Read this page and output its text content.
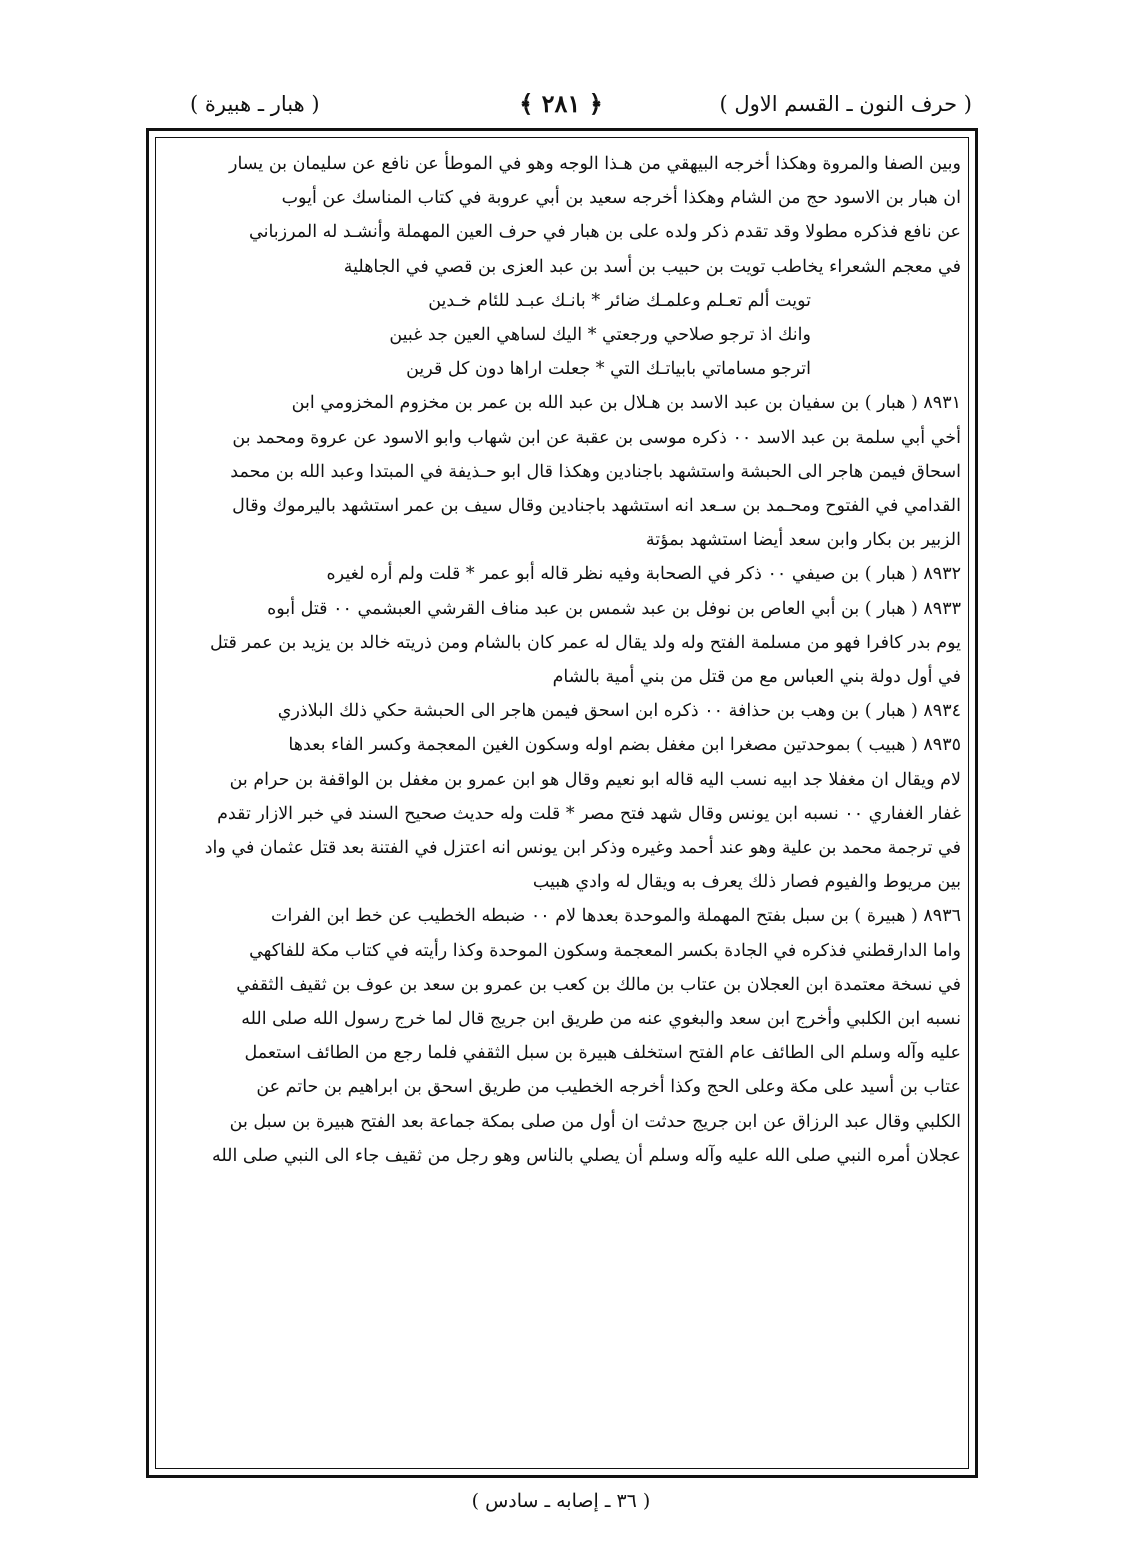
( حرف النون ـ القسم الاول )
﴿ ٢٨١ ﴾
( هبار ـ هبيرة )
وبين الصفا والمروة وهكذا أخرجه البيهقي من هـذا الوجه وهو في الموطأ عن نافع عن سليمان بن يسار
ان هبار بن الاسود حج من الشام وهكذا أخرجه سعيد بن أبي عروبة في كتاب المناسك عن أيوب
عن نافع فذكره مطولا وقد تقدم ذكر ولده على بن هبار في حرف العين المهملة وأنشـد له المرزباني
في معجم الشعراء يخاطب تويت بن حبيب بن أسد بن عبد العزى بن قصي في الجاهلية
تويت ألم تعـلم وعلمـك ضائر * بانـك عبـد للئام خـدين
وانك اذ ترجو صلاحي ورجعتي * اليك لساهي العين جد غبين
اترجو مساماتي بابياتـك التي * جعلت اراها دون كل قرين
٨٩٣١ ( هبار ) بن سفيان بن عبد الاسد بن هـلال بن عبد الله بن عمر بن مخزوم المخزومي ابن
أخي أبي سلمة بن عبد الاسد ٠٠ ذكره موسى بن عقبة عن ابن شهاب وابو الاسود عن عروة ومحمد بن
اسحاق فيمن هاجر الى الحبشة واستشهد باجنادين وهكذا قال ابو حـذيفة في المبتدا وعبد الله بن محمد
القدامي في الفتوح ومحـمد بن سـعد انه استشهد باجنادين وقال سيف بن عمر استشهد باليرموك وقال
الزبير بن بكار وابن سعد أيضا استشهد بمؤتة
٨٩٣٢ ( هبار ) بن صيفي ٠٠ ذكر في الصحابة وفيه نظر قاله أبو عمر * قلت ولم أره لغيره
٨٩٣٣ ( هبار ) بن أبي العاص بن نوفل بن عبد شمس بن عبد مناف القرشي العبشمي ٠٠ قتل أبوه
يوم بدر كافرا فهو من مسلمة الفتح وله ولد يقال له عمر كان بالشام ومن ذريته خالد بن يزيد بن عمر قتل
في أول دولة بني العباس مع من قتل من بني أمية بالشام
٨٩٣٤ ( هبار ) بن وهب بن حذافة ٠٠ ذكره ابن اسحق فيمن هاجر الى الحبشة حكي ذلك البلاذري
٨٩٣٥ ( هبيب ) بموحدتين مصغرا ابن مغفل بضم اوله وسكون الغين المعجمة وكسر الفاء بعدها
لام ويقال ان مغفلا جد ابيه نسب اليه قاله ابو نعيم وقال هو ابن عمرو بن مغفل بن الواقفة بن حرام بن
غفار الغفاري ٠٠ نسبه ابن يونس وقال شهد فتح مصر * قلت وله حديث صحيح السند في خبر الازار تقدم
في ترجمة محمد بن علية وهو عند أحمد وغيره وذكر ابن يونس انه اعتزل في الفتنة بعد قتل عثمان في واد
بين مريوط والفيوم فصار ذلك يعرف به ويقال له وادي هبيب
٨٩٣٦ ( هبيرة ) بن سبل بفتح المهملة والموحدة بعدها لام ٠٠ ضبطه الخطيب عن خط ابن الفرات
واما الدارقطني فذكره في الجادة بكسر المعجمة وسكون الموحدة وكذا رأيته في كتاب مكة للفاكهي
في نسخة معتمدة ابن العجلان بن عتاب بن مالك بن كعب بن عمرو بن سعد بن عوف بن ثقيف الثقفي
نسبه ابن الكلبي وأخرج ابن سعد والبغوي عنه من طريق ابن جريج قال لما خرج رسول الله صلى الله
عليه وآله وسلم الى الطائف عام الفتح استخلف هبيرة بن سبل الثقفي فلما رجع من الطائف استعمل
عتاب بن أسيد على مكة وعلى الحج وكذا أخرجه الخطيب من طريق اسحق بن ابراهيم بن حاتم عن
الكلبي وقال عبد الرزاق عن ابن جريج حدثت ان أول من صلى بمكة جماعة بعد الفتح هبيرة بن سبل بن
عجلان أمره النبي صلى الله عليه وآله وسلم أن يصلي بالناس وهو رجل من ثقيف جاء الى النبي صلى الله
( ٣٦ ـ إصابه ـ سادس )
